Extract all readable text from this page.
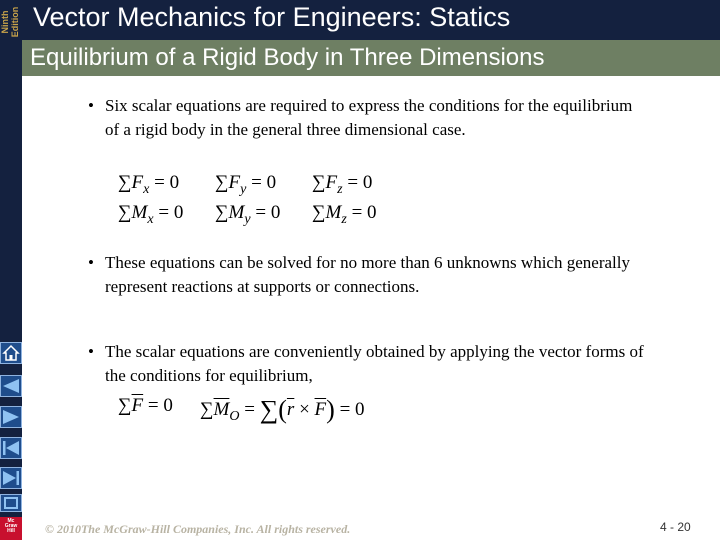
Ninth Edition
Mc
Graw
Hill
Vector Mechanics for Engineers: Statics
Equilibrium of a Rigid Body in Three Dimensions
• Six scalar equations are required to express the conditions for the equilibrium of a rigid body in the general three dimensional case.
$\sum F_x = 0$ $\sum F_y = 0$ $\sum F_z = 0$
$\sum M_x = 0$ $\sum M_y = 0$ $\sum M_z = 0$
• These equations can be solved for no more than 6 unknowns which generally represent reactions at supports or connections.
• The scalar equations are conveniently obtained by applying the vector forms of the conditions for equilibrium,
$\sum\overline{F} = 0$ $\sum\overline{M}_O = \sum(\overline{r} \times \overline{F}) = 0$
© 2010The McGraw-Hill Companies, Inc. All rights reserved.	4 - 20
